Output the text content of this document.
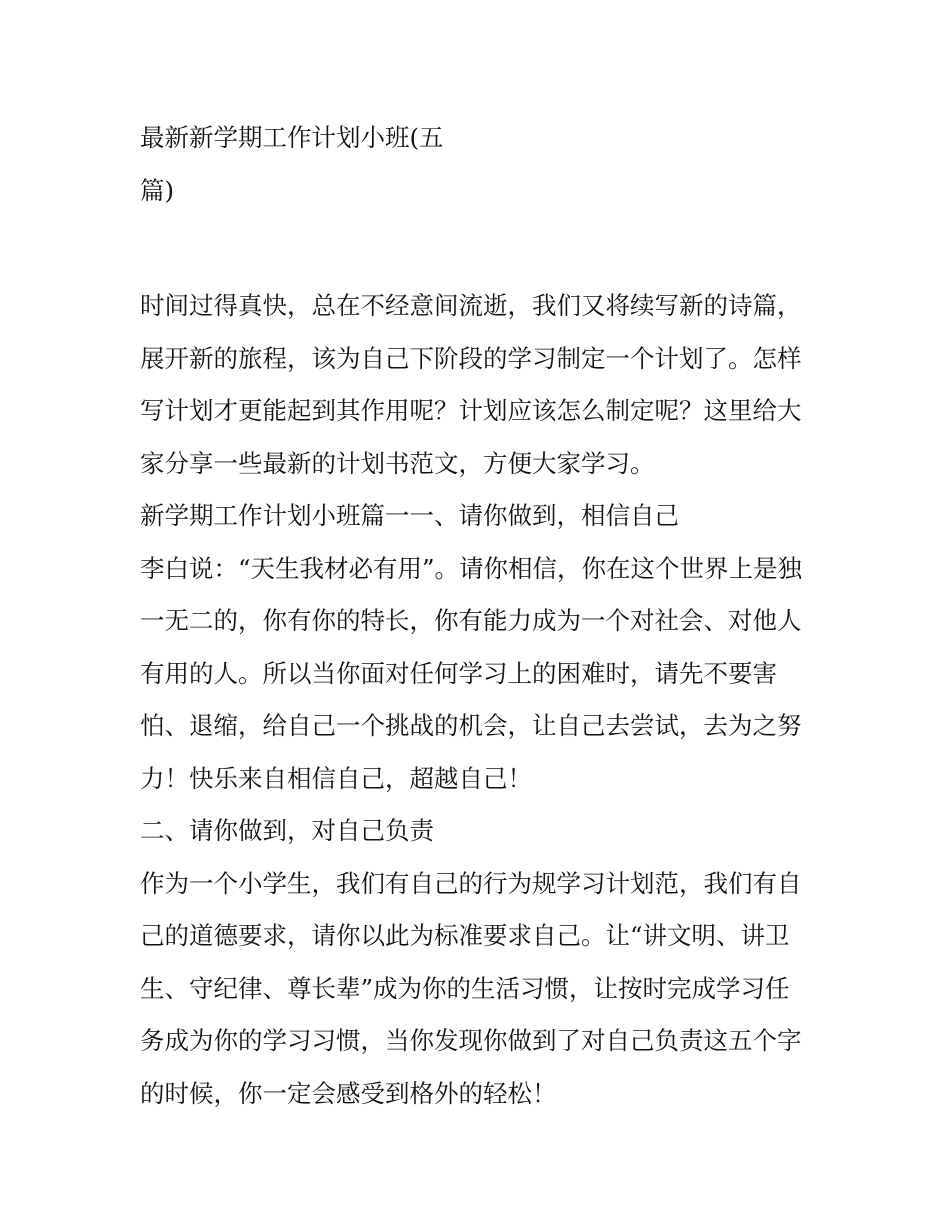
最新新学期工作计划小班(五
篇)
时间过得真快，总在不经意间流逝，我们又将续写新的诗篇，
展开新的旅程，该为自己下阶段的学习制定一个计划了。怎样
写计划才更能起到其作用呢？计划应该怎么制定呢？这里给大
家分享一些最新的计划书范文，方便大家学习。
新学期工作计划小班篇一一、请你做到，相信自己
李白说：“天生我材必有用”。请你相信，你在这个世界上是独
一无二的，你有你的特长，你有能力成为一个对社会、对他人
有用的人。所以当你面对任何学习上的困难时，请先不要害
怕、退缩，给自己一个挑战的机会，让自己去尝试，去为之努
力！快乐来自相信自己，超越自己！
二、请你做到，对自己负责
作为一个小学生，我们有自己的行为规学习计划范，我们有自
己的道德要求，请你以此为标准要求自己。让“讲文明、讲卫
生、守纪律、尊长辈”成为你的生活习惯，让按时完成学习任
务成为你的学习习惯，当你发现你做到了对自己负责这五个字
的时候，你一定会感受到格外的轻松！
